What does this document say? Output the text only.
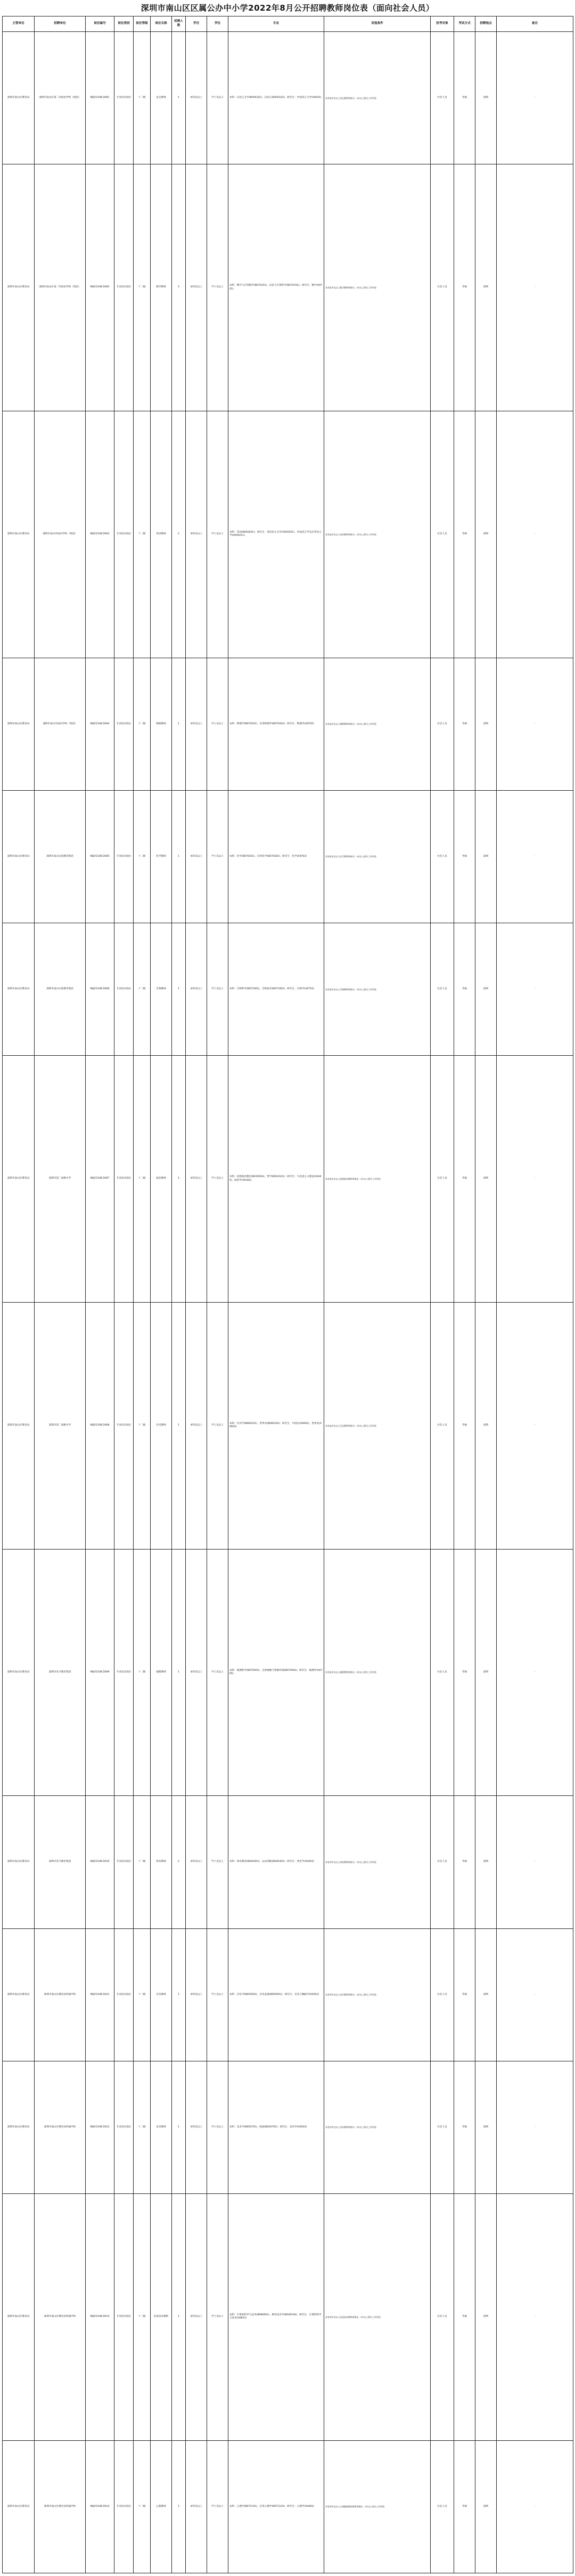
深圳市南山区区属公办中小学2022年8月公开招聘教师岗位表（面向社会人员）
主管单位	招聘单位	岗位编号	岗位类别	岗位等级	岗位名称	招聘人数	学历	学位	专业	其他条件	招考对象	考试方式	招聘地点	备注
深圳市南山区教育局	深圳市南山区第二外国语学校（集团）	NSJY2108 D001	专业技术岗位	十二级	语文教师	1	本科及以上	学士及以上	本科：汉语言文学(B050101)，汉语言(B050102)；研究生：中国语言文学(A0501)	具有高中及以上语文教师资格证；2年以上相关工作经验	社会人员	考核	深圳	-
深圳市南山区教育局	深圳市南山区第二外国语学校（集团）	NSJY2108 D002	专业技术岗位	十二级	数学教师	2	本科及以上	学士及以上	本科：数学与应用数学(B070101)，信息与计算科学(B070102)；研究生：数学(A0701)	具有高中及以上数学教师资格证；2年以上相关工作经验	社会人员	考核	深圳	-
深圳市南山区教育局	深圳市南山外国语学校（集团）	NSJY2108 D003	专业技术岗位	十二级	英语教师	2	本科及以上	学士及以上	本科：英语(B050201)；研究生：英语语言文学(A050201)，外国语言学及应用语言学(A050211)	具有高中及以上英语教师资格证；2年以上相关工作经验	社会人员	考核	深圳	-
深圳市南山区教育局	深圳市南山外国语学校（集团）	NSJY2108 D004	专业技术岗位	十二级	物理教师	1	本科及以上	学士及以上	本科：物理学(B070201)，应用物理学(B070202)；研究生：物理学(A0702)	具有高中及以上物理教师资格证；2年以上相关工作经验	社会人员	考核	深圳	-
深圳市南山区教育局	深圳市南山实验教育集团	NSJY2108 D005	专业技术岗位	十二级	化学教师	1	本科及以上	学士及以上	本科：化学(B070301)，应用化学(B070302)；研究生：化学(A0703)	具有高中及以上化学教师资格证；2年以上相关工作经验	社会人员	考核	深圳	-
深圳市南山区教育局	深圳市南山实验教育集团	NSJY2108 D006	专业技术岗位	十二级	生物教师	1	本科及以上	学士及以上	本科：生物科学(B071001)，生物技术(B071002)；研究生：生物学(A0710)	具有高中及以上生物教师资格证；2年以上相关工作经验	社会人员	考核	深圳	-
深圳市南山区教育局	深圳市第二高级中学	NSJY2108 D007	专业技术岗位	十二级	政治教师	1	本科及以上	学士及以上	本科：思想政治教育(B030503)，哲学(B010101)；研究生：马克思主义理论(A0305)，政治学(A0302)	具有高中及以上思想政治教师资格证；2年以上相关工作经验	社会人员	考核	深圳	-
深圳市南山区教育局	深圳市第二高级中学	NSJY2108 D008	专业技术岗位	十二级	历史教师	1	本科及以上	学士及以上	本科：历史学(B060101)，世界史(B060102)；研究生：中国史(A0602)，世界史(A0603)	具有高中及以上历史教师资格证；2年以上相关工作经验	社会人员	考核	深圳	-
深圳市南山区教育局	深圳市育才教育集团	NSJY2108 D009	专业技术岗位	十二级	地理教师	1	本科及以上	学士及以上	本科：地理科学(B070501)，自然地理与资源环境(B070502)；研究生：地理学(A0705)	具有高中及以上地理教师资格证；2年以上相关工作经验	社会人员	考核	深圳	-
深圳市南山区教育局	深圳市育才教育集团	NSJY2108 D010	专业技术岗位	十二级	体育教师	2	本科及以上	学士及以上	本科：体育教育(B040301)，运动训练(B040302)；研究生：体育学(A0403)	具有初中及以上体育教师资格证；2年以上相关工作经验	社会人员	考核	深圳	-
深圳市南山区教育局	深圳市南山区教育局所属学校	NSJY2108 D011	专业技术岗位	十二级	音乐教师	1	本科及以上	学士及以上	本科：音乐学(B050502)，音乐表演(B050501)；研究生：音乐与舞蹈学(A0502)	具有初中及以上音乐教师资格证；2年以上相关工作经验	社会人员	考核	深圳	-
深圳市南山区教育局	深圳市南山区教育局所属学校	NSJY2108 D012	专业技术岗位	十二级	美术教师	1	本科及以上	学士及以上	本科：美术学(B050701)，绘画(B050702)；研究生：美术学(A0504)	具有初中及以上美术教师资格证；2年以上相关工作经验	社会人员	考核	深圳	-
深圳市南山区教育局	深圳市南山区教育局所属学校	NSJY2108 D013	专业技术岗位	十二级	信息技术教师	1	本科及以上	学士及以上	本科：计算机科学与技术(B080901)，教育技术学(B040104)；研究生：计算机科学与技术(A0812)	具有初中及以上信息技术教师资格证；2年以上相关工作经验	社会人员	考核	深圳	-
深圳市南山区教育局	深圳市南山区教育局所属学校	NSJY2108 D014	专业技术岗位	十二级	心理教师	1	本科及以上	学士及以上	本科：心理学(B071101)，应用心理学(B071102)；研究生：心理学(A0402)	具有初中及以上心理健康教育教师资格证；2年以上相关工作经验	社会人员	考核	深圳	-
